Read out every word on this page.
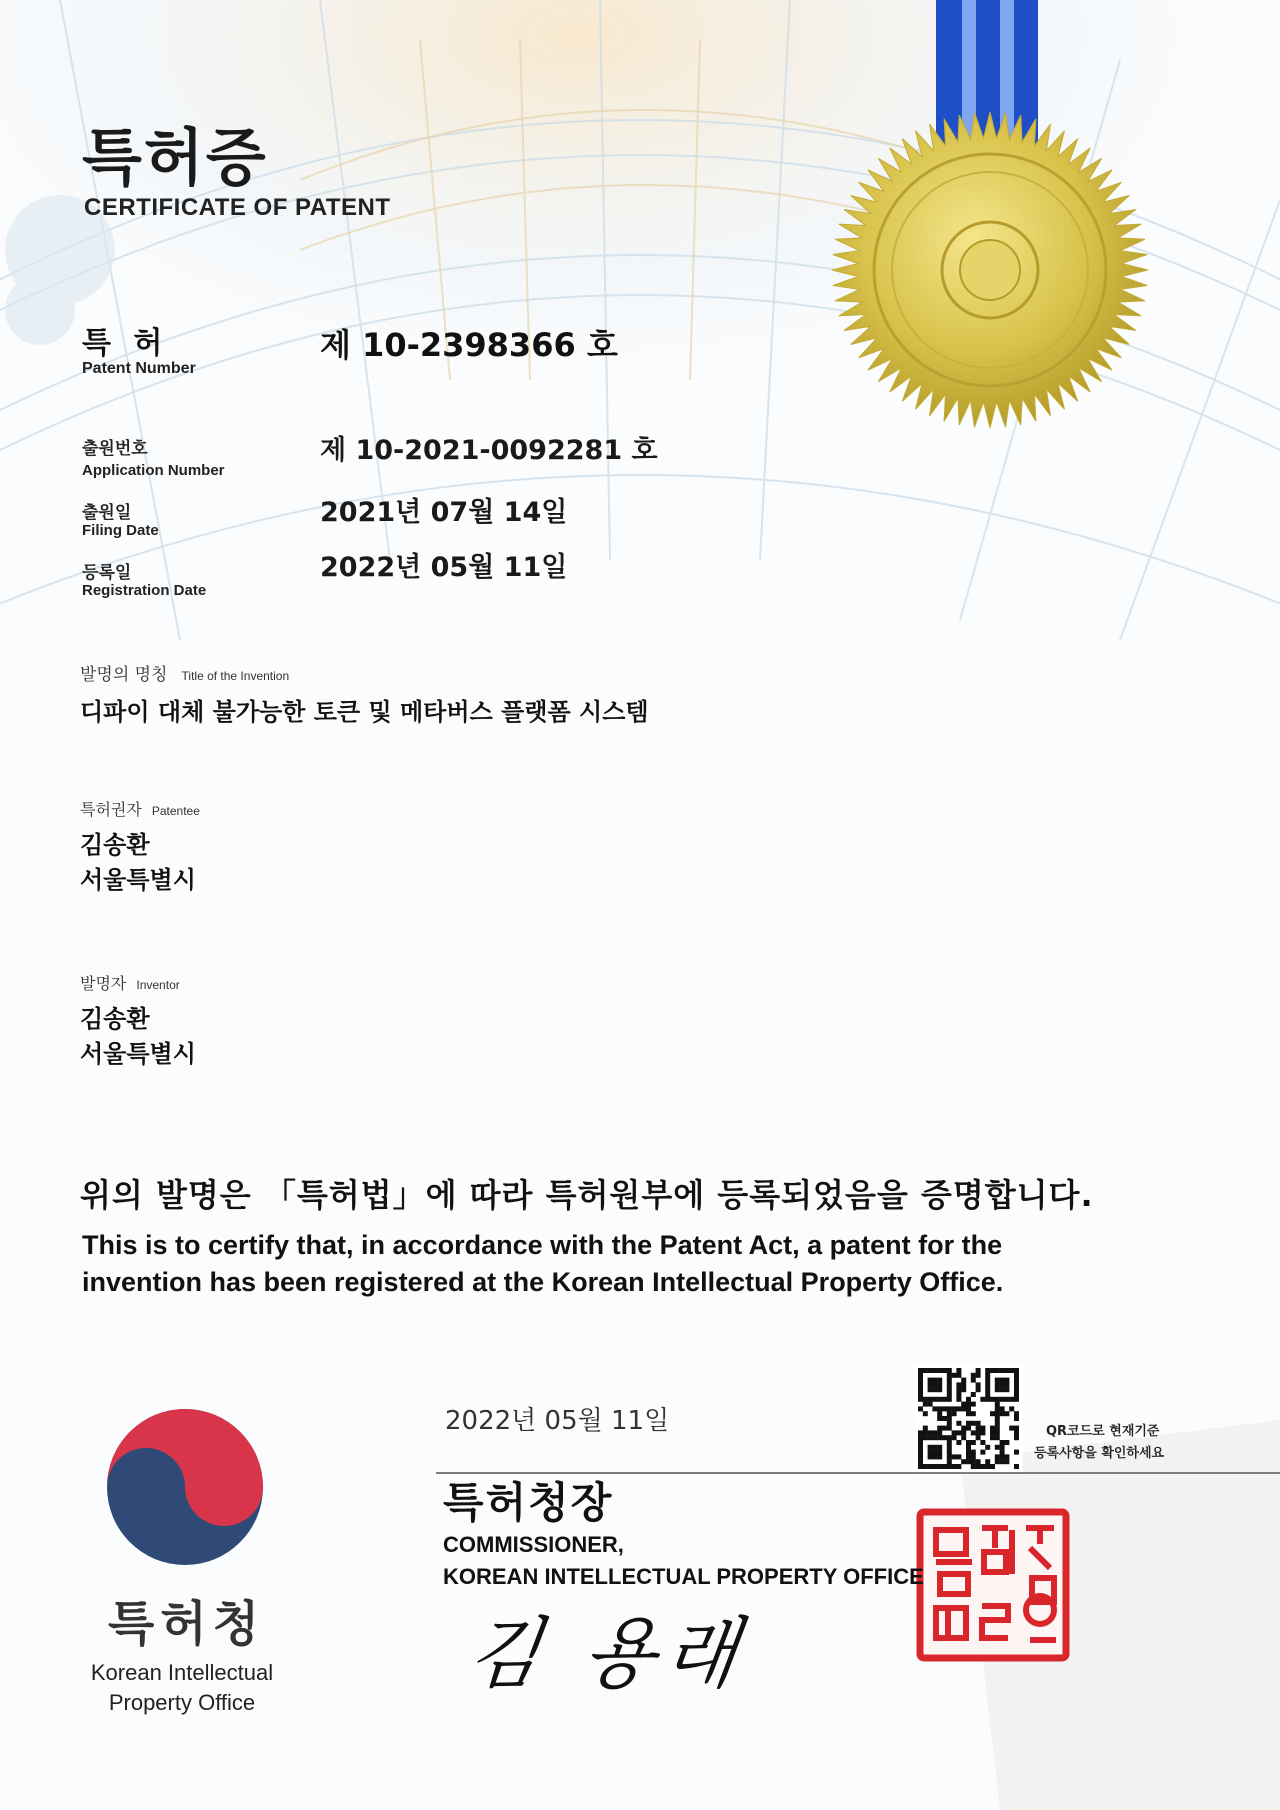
특허증
CERTIFICATE OF PATENT
특 허
Patent Number
제 10-2398366 호
출원번호
Application Number
제 10-2021-0092281 호
출원일
Filing Date
2021년 07월 14일
등록일
Registration Date
2022년 05월 11일
발명의 명칭 Title of the Invention
디파이 대체 불가능한 토큰 및 메타버스 플랫폼 시스템
특허권자 Patentee
김송환
서울특별시
발명자 Inventor
김송환
서울특별시
위의 발명은 「특허법」에 따라 특허원부에 등록되었음을 증명합니다.
This is to certify that, in accordance with the Patent Act, a patent for the
invention has been registered at the Korean Intellectual Property Office.
2022년 05월 11일
특허청장
COMMISSIONER,
KOREAN INTELLECTUAL PROPERTY OFFICE
김 용래
QR코드로 현재기준
등록사항을 확인하세요
특허청
Korean Intellectual
Property Office
